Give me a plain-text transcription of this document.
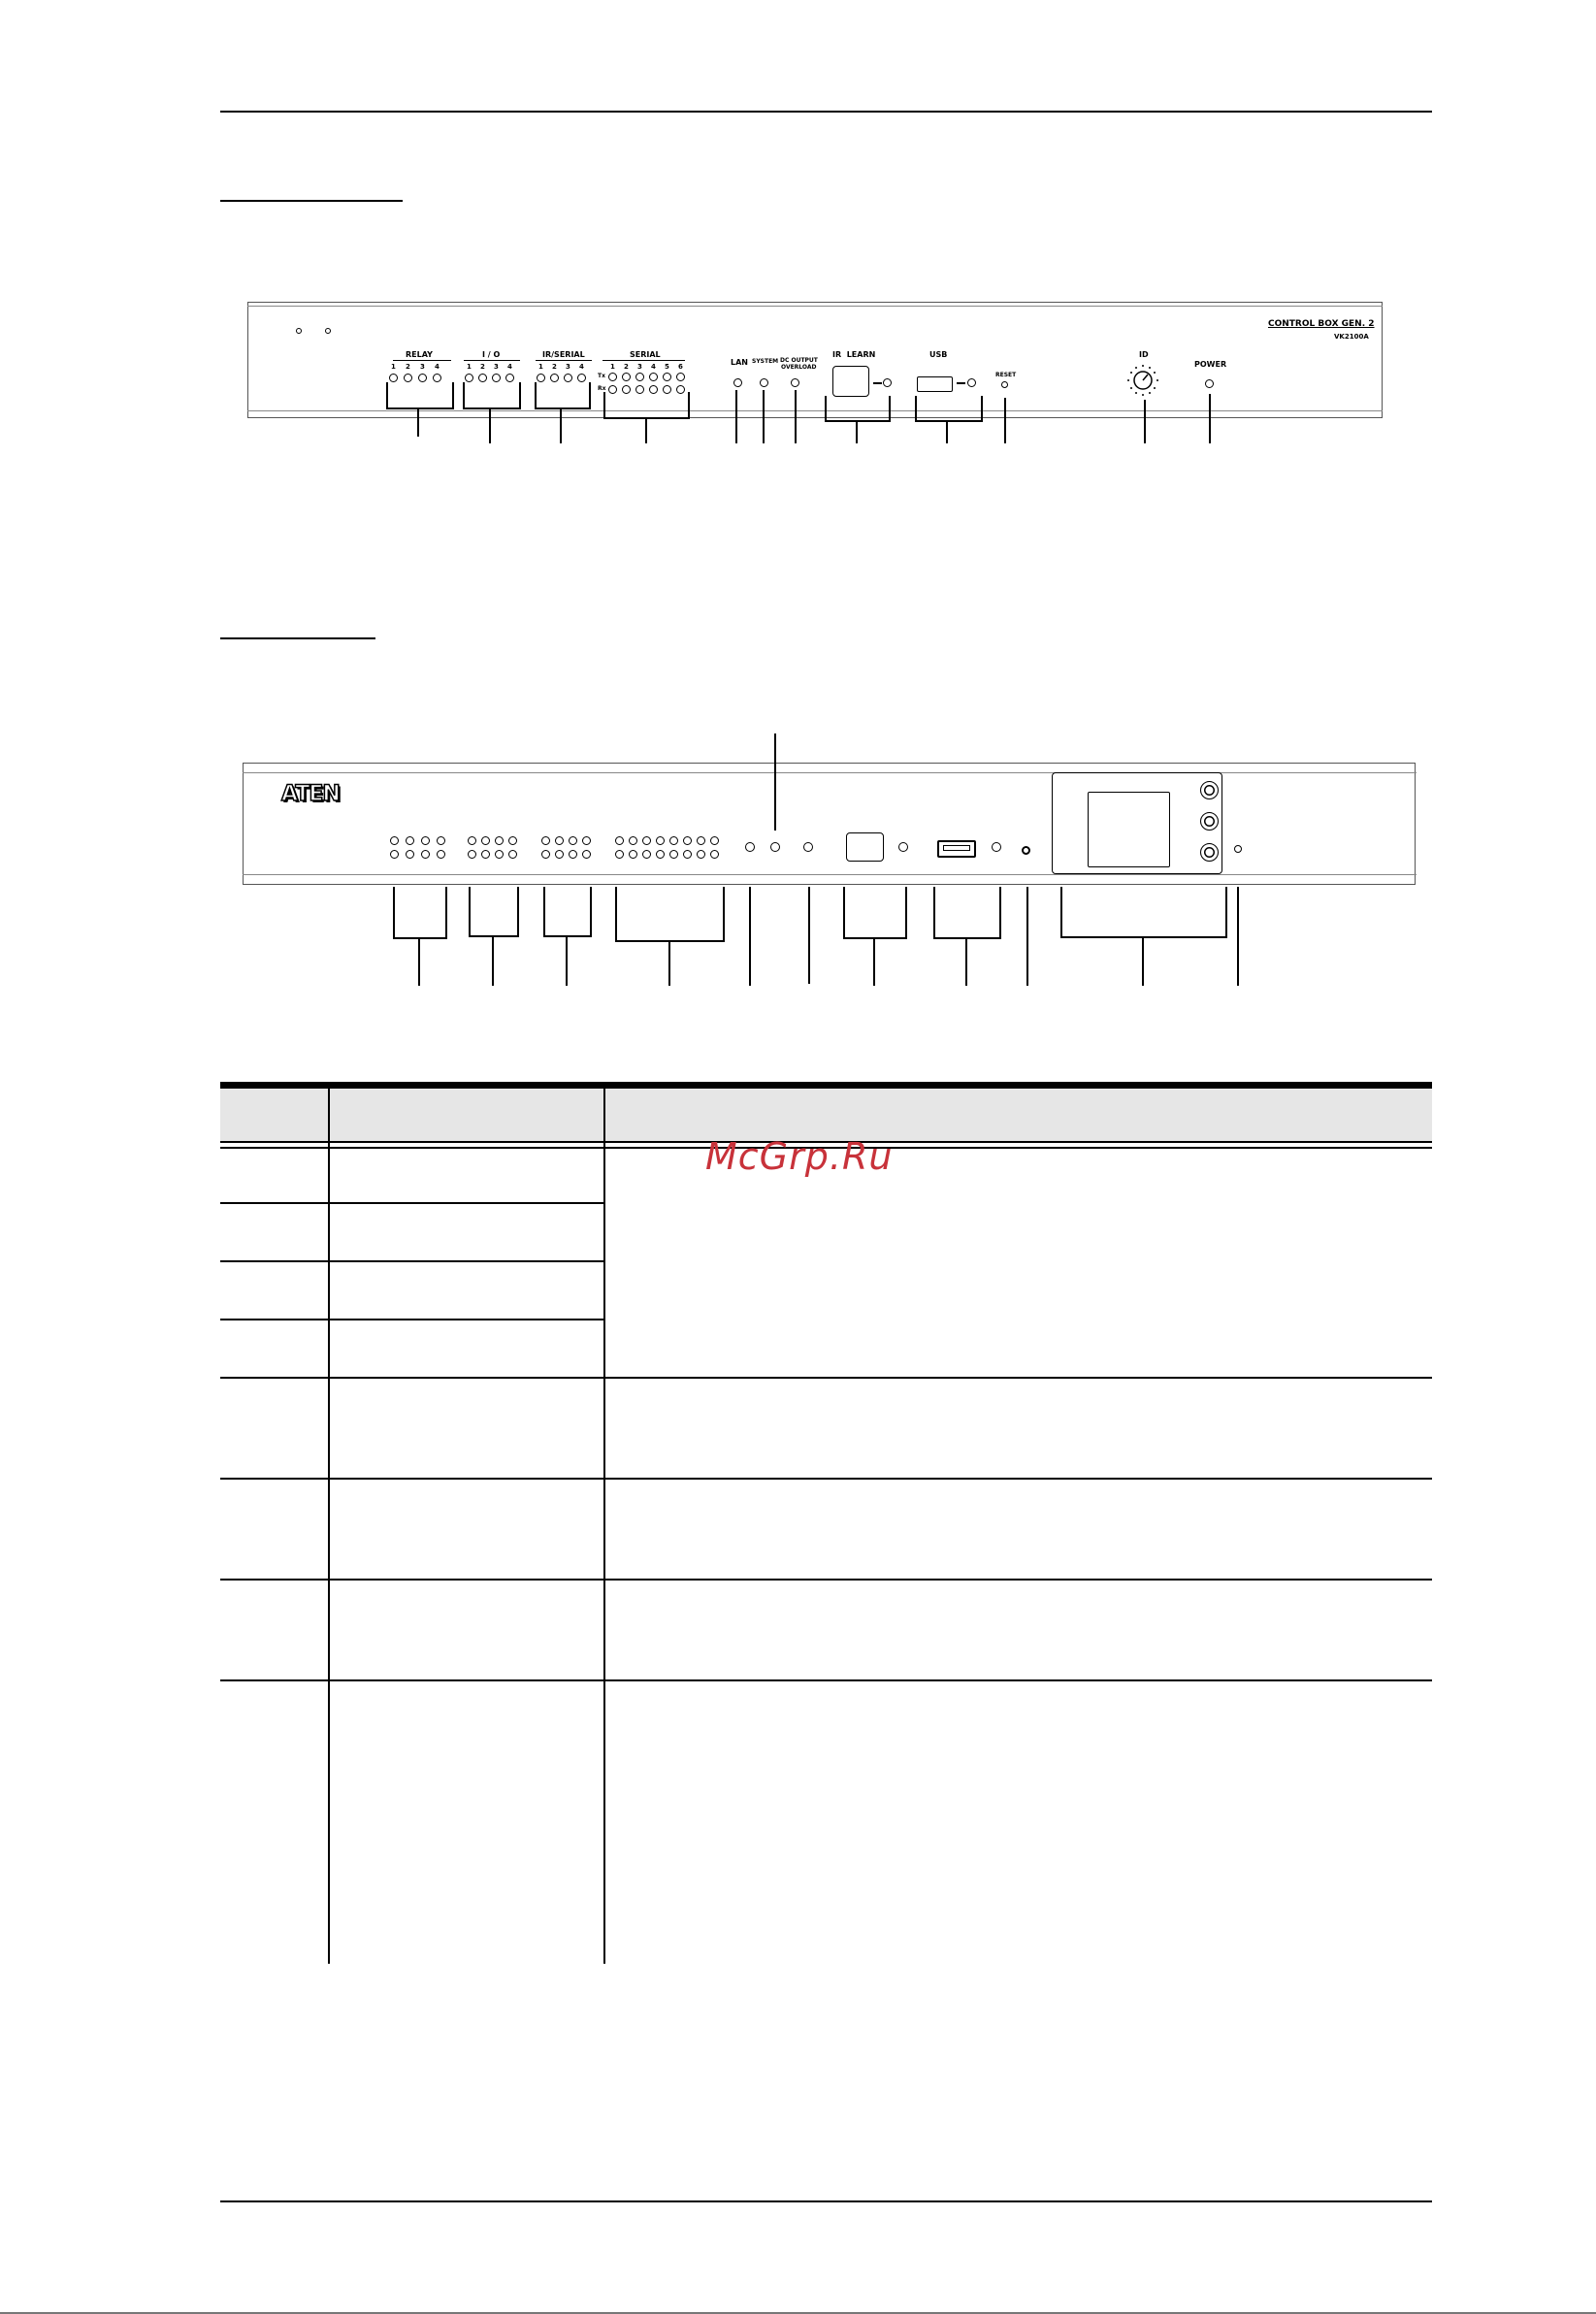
CONTROL BOX GEN. 2
VK2100A
RELAY
1 2 3 4
I / O
1 2 3 4
IR/SERIAL
1 2 3 4
SERIAL
1 2 3 4 5 6
Tx
Rx
LAN SYSTEM DC OUTPUT
OVERLOAD
IR  LEARN	USB
RESET
ID
POWER
ATEN
McGrp.Ru
